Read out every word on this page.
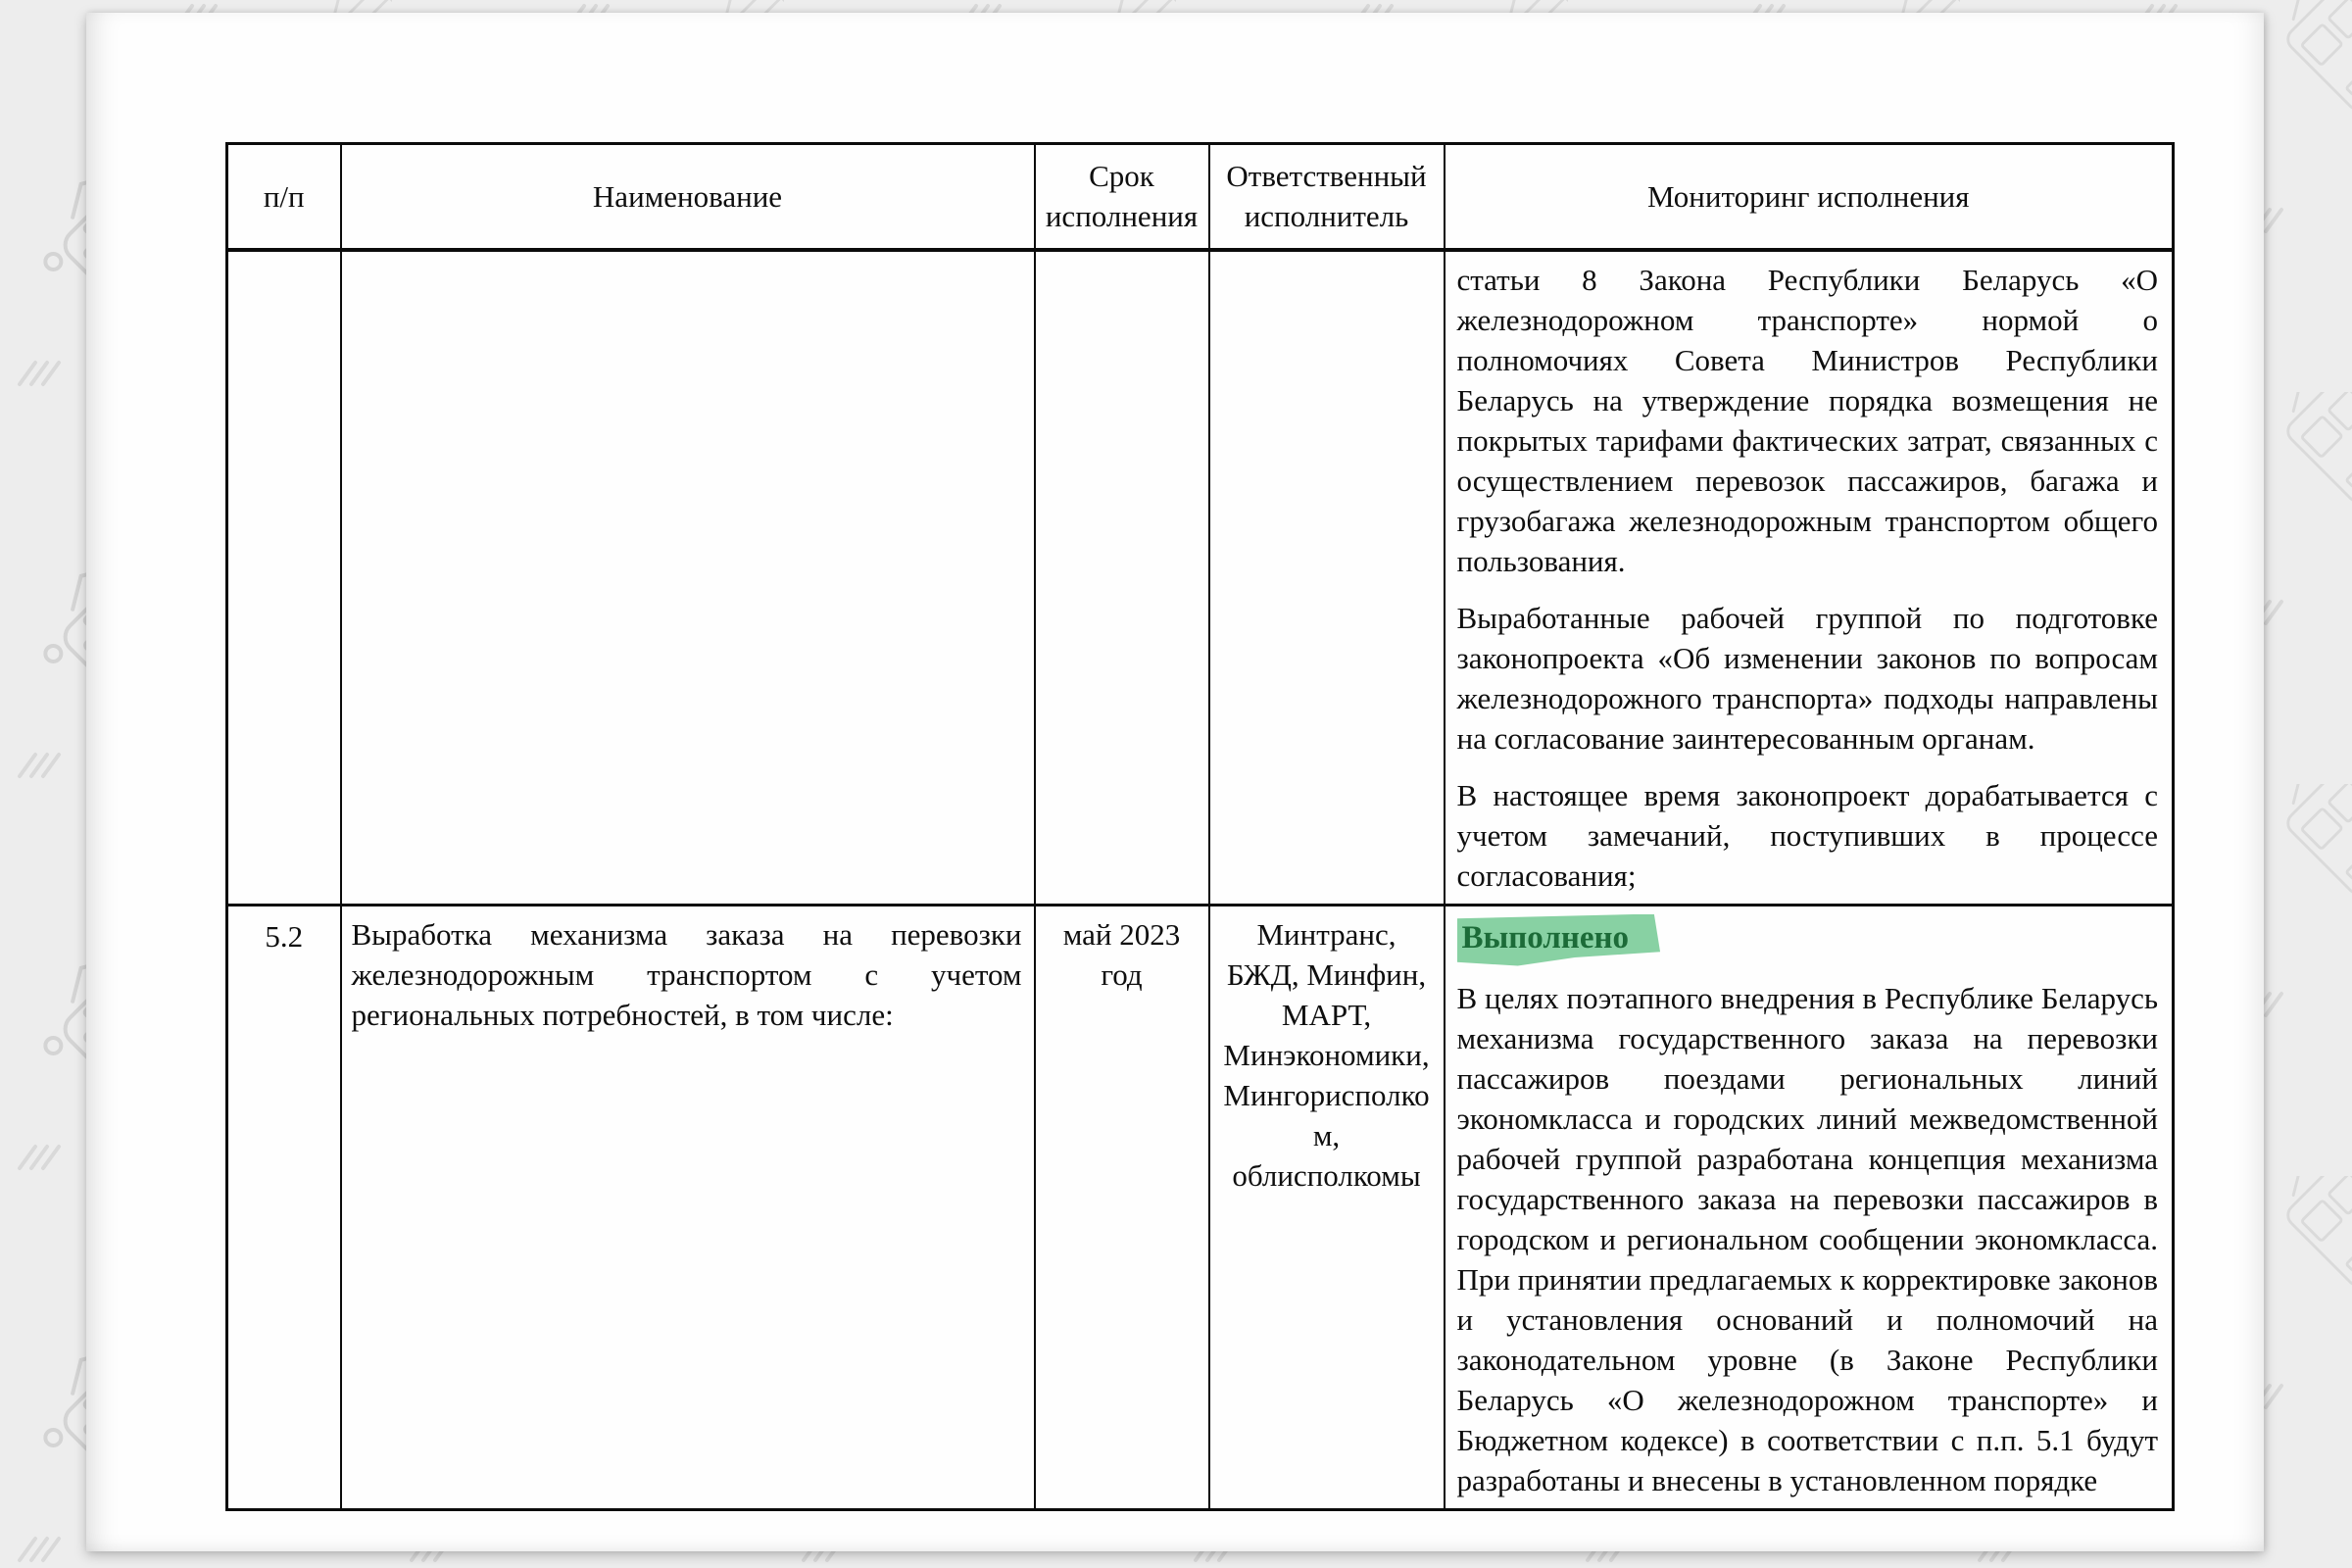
п/п	Наименование	Срок исполнения	Ответственный исполнитель	Мониторинг исполнения

				статьи 8 Закона Республики Беларусь «О железнодорожном транспорте» нормой о полномочиях Совета Министров Республики Беларусь на утверждение порядка возмещения не покрытых тарифами фактических затрат, связанных с осуществлением перевозок пассажиров, багажа и грузобагажа железнодорожным транспортом общего пользования.

Выработанные рабочей группой по подготовке законопроекта «Об изменении законов по вопросам железнодорожного транспорта» подходы направлены на согласование заинтересованным органам.

В настоящее время законопроект дорабатывается с учетом замечаний, поступивших в процессе согласования;

5.2	Выработка механизма заказа на перевозки железнодорожным транспортом с учетом региональных потребностей, в том числе:	май 2023 год	Минтранс, БЖД, Минфин, МАРТ, Минэкономики, Мингорисполком, облисполкомы	Выполнено

В целях поэтапного внедрения в Республике Беларусь механизма государственного заказа на перевозки пассажиров поездами региональных линий экономкласса и городских линий межведомственной рабочей группой разработана концепция механизма государственного заказа на перевозки пассажиров в городском и региональном сообщении экономкласса. При принятии предлагаемых к корректировке законов и установления оснований и полномочий на законодательном уровне (в Законе Республики Беларусь «О железнодорожном транспорте» и Бюджетном кодексе) в соответствии с п.п. 5.1 будут разработаны и внесены в установленном порядке
